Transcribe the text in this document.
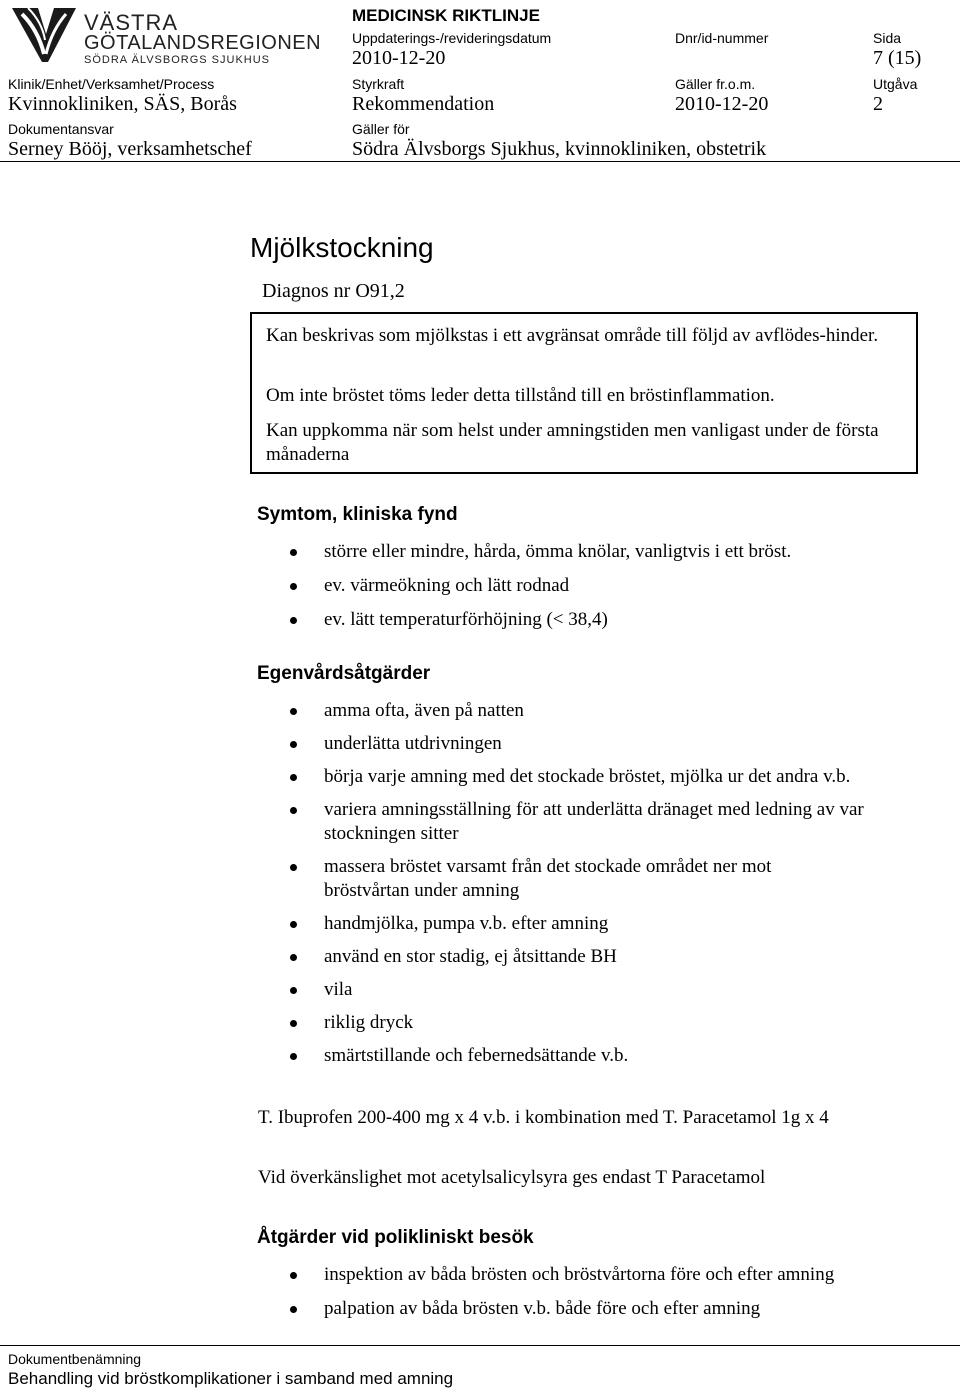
VÄSTRA
GÖTALANDSREGIONEN
SÖDRA ÄLVSBORGS SJUKHUS
MEDICINSK RIKTLINJE
Uppdaterings-/revideringsdatum
2010-12-20
Dnr/id-nummer	Sida
7 (15)
Klinik/Enhet/Verksamhet/Process
Kvinnokliniken, SÄS, Borås
Styrkraft
Rekommendation
Gäller fr.o.m.
2010-12-20
Utgåva
2
Dokumentansvar
Serney Bööj, verksamhetschef
Gäller för
Södra Älvsborgs Sjukhus, kvinnokliniken, obstetrik
Mjölkstockning
Diagnos nr O91,2

Kan beskrivas som mjölkstas i ett avgränsat område till följd av avflödes-hinder.

Om inte bröstet töms leder detta tillstånd till en bröstinflammation.

Kan uppkomma när som helst under amningstiden men vanligast under de första månaderna

Symtom, kliniska fynd
större eller mindre, hårda, ömma knölar, vanligtvis i ett bröst.
ev. värmeökning och lätt rodnad
ev. lätt temperaturförhöjning (< 38,4)
Egenvårdsåtgärder
amma ofta, även på natten
underlätta utdrivningen
börja varje amning med det stockade bröstet, mjölka ur det andra v.b.
variera amningsställning för att underlätta dränaget med ledning av var stockningen sitter
massera bröstet varsamt från det stockade området ner mot bröstvårtan under amning
handmjölka, pumpa v.b. efter amning
använd en stor stadig, ej åtsittande BH
vila
riklig dryck
smärtstillande och febernedsättande v.b.
T. Ibuprofen 200-400 mg x 4 v.b. i kombination med T. Paracetamol 1g x 4
Vid överkänslighet mot acetylsalicylsyra ges endast T Paracetamol
Åtgärder vid polikliniskt besök
inspektion av båda brösten och bröstvårtorna före och efter amning
palpation av båda brösten v.b. både före och efter amning
Dokumentbenämning
Behandling vid bröstkomplikationer i samband med amning
